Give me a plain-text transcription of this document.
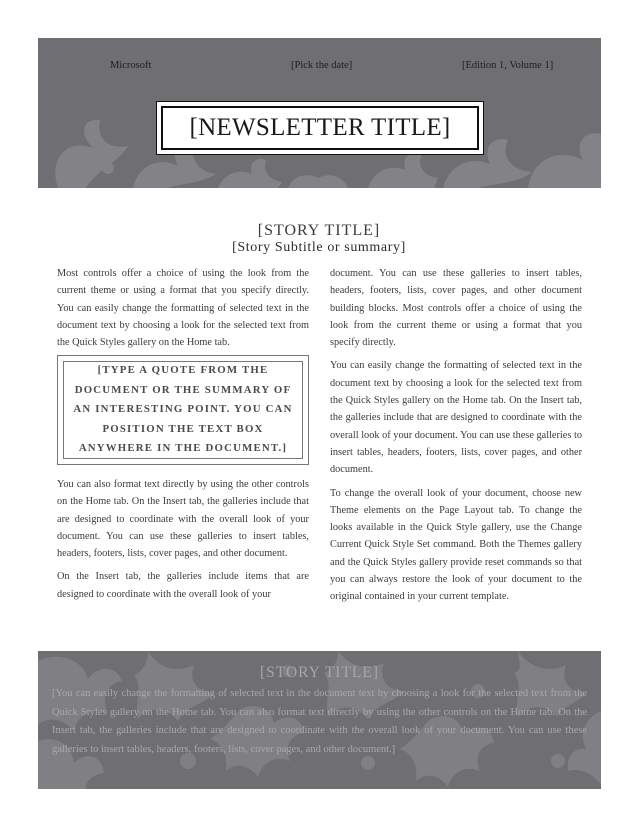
Microsoft	[Pick the date]	[Edition 1, Volume 1]
[NEWSLETTER TITLE]
[STORY TITLE]
[Story Subtitle or summary]

Most controls offer a choice of using the look from the current theme or using a format that you specify directly. You can easily change the formatting of selected text in the document text by choosing a look for the selected text from the Quick Styles gallery on the Home tab.

[TYPE A QUOTE FROM THE DOCUMENT OR THE SUMMARY OF AN INTERESTING POINT. YOU CAN POSITION THE TEXT BOX ANYWHERE IN THE DOCUMENT.]

You can also format text directly by using the other controls on the Home tab. On the Insert tab, the galleries include that are designed to coordinate with the overall look of your document. You can use these galleries to insert tables, headers, footers, lists, cover pages, and other document.

On the Insert tab, the galleries include items that are designed to coordinate with the overall look of your

document. You can use these galleries to insert tables, headers, footers, lists, cover pages, and other document building blocks. Most controls offer a choice of using the look from the current theme or using a format that you specify directly.

You can easily change the formatting of selected text in the document text by choosing a look for the selected text from the Quick Styles gallery on the Home tab. On the Insert tab, the galleries include that are designed to coordinate with the overall look of your document. You can use these galleries to insert tables, headers, footers, lists, cover pages, and other document.

To change the overall look of your document, choose new Theme elements on the Page Layout tab. To change the looks available in the Quick Style gallery, use the Change Current Quick Style Set command. Both the Themes gallery and the Quick Styles gallery provide reset commands so that you can always restore the look of your document to the original contained in your current template.

[STORY TITLE]
[You can easily change the formatting of selected text in the document text by choosing a look for the selected text from the Quick Styles gallery on the Home tab. You can also format text directly by using the other controls on the Home tab. On the Insert tab, the galleries include that are designed to coordinate with the overall look of your document. You can use these galleries to insert tables, headers, footers, lists, cover pages, and other document.]
